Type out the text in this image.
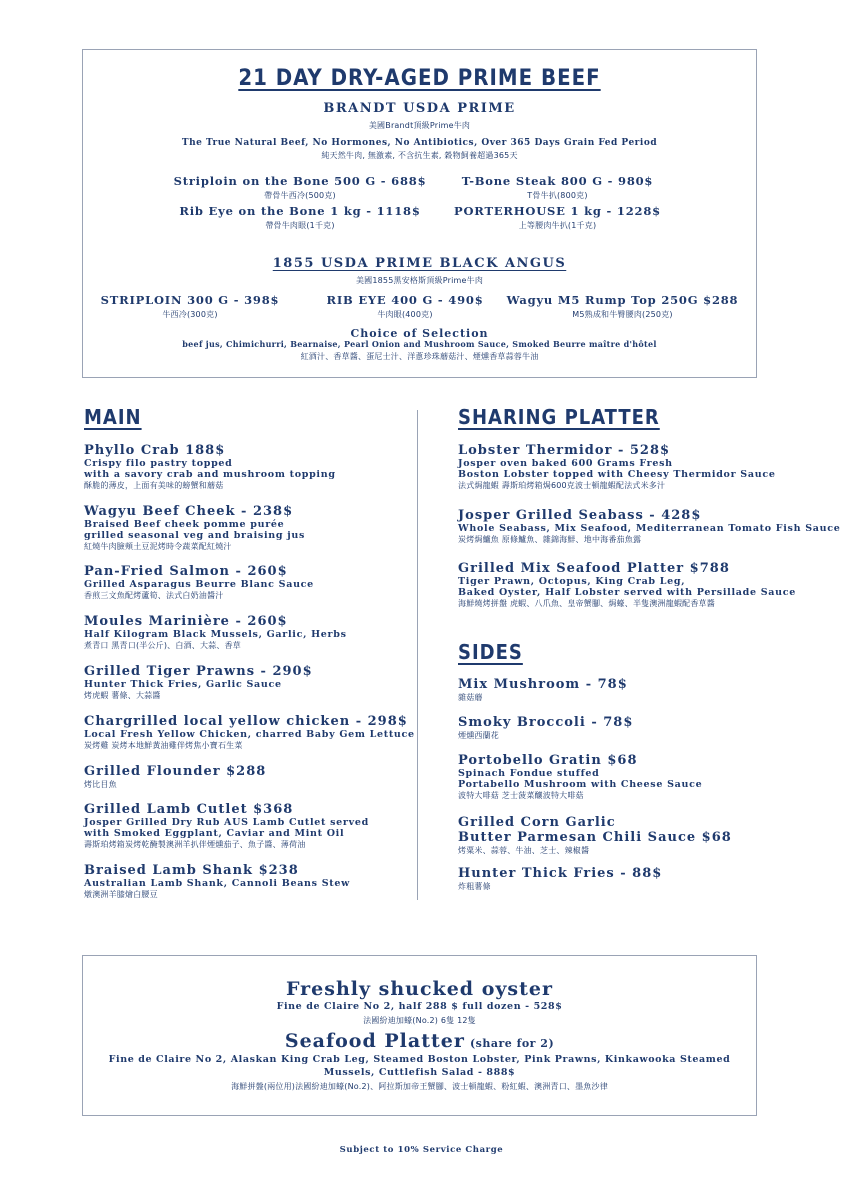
21 DAY DRY-AGED PRIME BEEF
BRANDT USDA PRIME
美國Brandt頂級Prime牛肉
The True Natural Beef, No Hormones, No Antibiotics, Over 365 Days Grain Fed Period
純天然牛肉, 無激素, 不含抗生素, 穀物飼養超過365天
Striploin on the Bone 500 G - 688$
帶骨牛西冷(500克)
T-Bone Steak 800 G - 980$
T骨牛扒(800克)
Rib Eye on the Bone 1 kg - 1118$
帶骨牛肉眼(1千克)
PORTERHOUSE 1 kg - 1228$
上等腰肉牛扒(1千克)
1855 USDA PRIME BLACK ANGUS
美國1855黑安格斯頂級Prime牛肉
STRIPLOIN 300 G - 398$
牛西冷(300克)
RIB EYE 400 G - 490$
牛肉眼(400克)
Wagyu M5 Rump Top 250G $288
M5熟成和牛臀腰肉(250克)
Choice of Selection
beef jus, Chimichurri, Bearnaise, Pearl Onion and Mushroom Sauce, Smoked Beurre maître d'hôtel
紅酒汁、香草醬、蛋尼士汁、洋蔥珍珠蘑菇汁、煙燻香草蒜蓉牛油
MAIN
Phyllo Crab 188$
Crispy filo pastry topped
with a savory crab and mushroom topping
酥脆的薄皮，上面有美味的螃蟹和蘑菇
Wagyu Beef Cheek - 238$
Braised Beef cheek pomme purée
grilled seasonal veg and braising jus
紅燒牛肉臉頰土豆泥烤時令蔬菜配紅燒汁
Pan-Fried Salmon - 260$
Grilled Asparagus Beurre Blanc Sauce
香煎三文魚配烤蘆筍、法式白奶油醬汁
Moules Marinière - 260$
Half Kilogram Black Mussels, Garlic, Herbs
煮青口 黑青口(半公斤)、白酒、大蒜、香草
Grilled Tiger Prawns - 290$
Hunter Thick Fries, Garlic Sauce
烤虎蝦 薯條、大蒜醬
Chargrilled local yellow chicken - 298$
Local Fresh Yellow Chicken, charred Baby Gem Lettuce
炭烤雞 炭烤本地鮮黃油雞伴烤焦小寶石生菜
Grilled Flounder $288
烤比目魚
Grilled Lamb Cutlet $368
Josper Grilled Dry Rub AUS Lamb Cutlet served
with Smoked Eggplant, Caviar and Mint Oil
壽斯珀烤箱炭烤乾醃製澳洲羊扒伴煙燻茄子、魚子醬、薄荷油
Braised Lamb Shank $238
Australian Lamb Shank, Cannoli Beans Stew
燉澳洲羊膝燴白腰豆
SHARING PLATTER
Lobster Thermidor - 528$
Josper oven baked 600 Grams Fresh
Boston Lobster topped with Cheesy Thermidor Sauce
法式焗龍蝦 壽斯珀烤箱焗600克波士頓龍蝦配法式米多汁
Josper Grilled Seabass - 428$
Whole Seabass, Mix Seafood, Mediterranean Tomato Fish Sauce
炭烤焗鱸魚 原條鱸魚、雜錦海鮮、地中海番茄魚露
Grilled Mix Seafood Platter $788
Tiger Prawn, Octopus, King Crab Leg,
Baked Oyster, Half Lobster served with Persillade Sauce
海鮮燒烤拼盤 虎蝦、八爪魚、皇帝蟹腳、焗蠔、半隻澳洲龍蝦配香草醬
SIDES
Mix Mushroom - 78$
雜菇蘑
Smoky Broccoli - 78$
煙燻西蘭花
Portobello Gratin $68
Spinach Fondue stuffed
Portabello Mushroom with Cheese Sauce
波特大啡菇 芝士菠菜釀波特大啡菇
Grilled Corn Garlic
Butter Parmesan Chili Sauce $68
烤粟米、蒜蓉、牛油、芝士、辣椒醬
Hunter Thick Fries - 88$
炸粗薯條
Freshly shucked oyster
Fine de Claire No 2, half 288 $ full dozen - 528$
法國紛迪加蠔(No.2) 6隻 12隻
Seafood Platter (share for 2)
Fine de Claire No 2, Alaskan King Crab Leg, Steamed Boston Lobster, Pink Prawns, Kinkawooka Steamed
Mussels, Cuttlefish Salad - 888$
海鮮拼盤(兩位用)法國紛迪加蠔(No.2)、阿拉斯加帝王蟹腳、波士頓龍蝦、粉紅蝦、澳洲青口、墨魚沙律
Subject to 10% Service Charge
